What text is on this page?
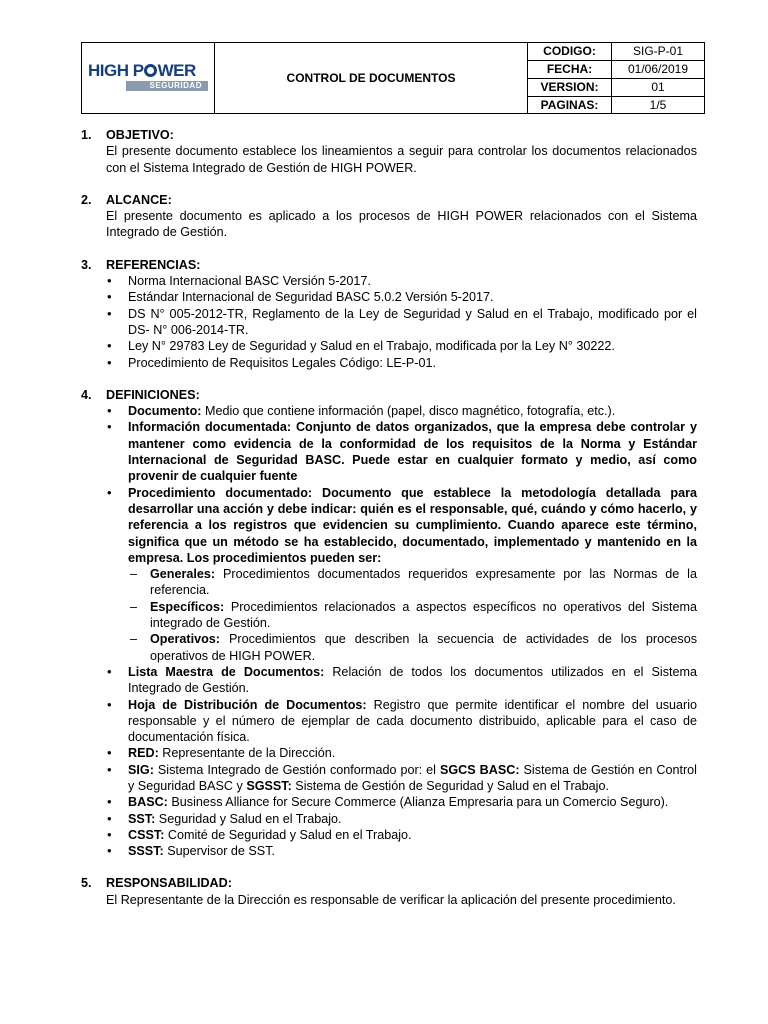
HIGH P WER
SEGURIDAD
CONTROL DE DOCUMENTOS
CODIGO:	SIG-P-01
FECHA:	01/06/2019
VERSION:	01
PAGINAS:	1/5
1.	OBJETIVO:
El presente documento establece los lineamientos a seguir para controlar los documentos relacionados con el Sistema Integrado de Gestión de HIGH POWER.
2.	ALCANCE:
El presente documento es aplicado a los procesos de HIGH POWER relacionados con el Sistema Integrado de Gestión.
3.	REFERENCIAS:
• Norma Internacional BASC Versión 5-2017.
• Estándar Internacional de Seguridad BASC 5.0.2 Versión 5-2017.
• DS N° 005-2012-TR, Reglamento de la Ley de Seguridad y Salud en el Trabajo, modificado por el DS- N° 006-2014-TR.
• Ley N° 29783 Ley de Seguridad y Salud en el Trabajo, modificada por la Ley N° 30222.
• Procedimiento de Requisitos Legales Código: LE-P-01.
4.	DEFINICIONES:
• Documento: Medio que contiene información (papel, disco magnético, fotografía, etc.).
• Información documentada: Conjunto de datos organizados, que la empresa debe controlar y mantener como evidencia de la conformidad de los requisitos de la Norma y Estándar Internacional de Seguridad BASC. Puede estar en cualquier formato y medio, así como provenir de cualquier fuente
• Procedimiento documentado: Documento que establece la metodología detallada para desarrollar una acción y debe indicar: quién es el responsable, qué, cuándo y cómo hacerlo, y referencia a los registros que evidencien su cumplimiento. Cuando aparece este término, significa que un método se ha establecido, documentado, implementado y mantenido en la empresa. Los procedimientos pueden ser:
– Generales: Procedimientos documentados requeridos expresamente por las Normas de la referencia.
– Específicos: Procedimientos relacionados a aspectos específicos no operativos del Sistema integrado de Gestión.
– Operativos: Procedimientos que describen la secuencia de actividades de los procesos operativos de HIGH POWER.
• Lista Maestra de Documentos: Relación de todos los documentos utilizados en el Sistema Integrado de Gestión.
• Hoja de Distribución de Documentos: Registro que permite identificar el nombre del usuario responsable y el número de ejemplar de cada documento distribuido, aplicable para el caso de documentación física.
• RED: Representante de la Dirección.
• SIG: Sistema Integrado de Gestión conformado por: el SGCS BASC: Sistema de Gestión en Control y Seguridad BASC y SGSST: Sistema de Gestión de Seguridad y Salud en el Trabajo.
• BASC: Business Alliance for Secure Commerce (Alianza Empresaria para un Comercio Seguro).
• SST: Seguridad y Salud en el Trabajo.
• CSST: Comité de Seguridad y Salud en el Trabajo.
• SSST: Supervisor de SST.
5.	RESPONSABILIDAD:
El Representante de la Dirección es responsable de verificar la aplicación del presente procedimiento.
